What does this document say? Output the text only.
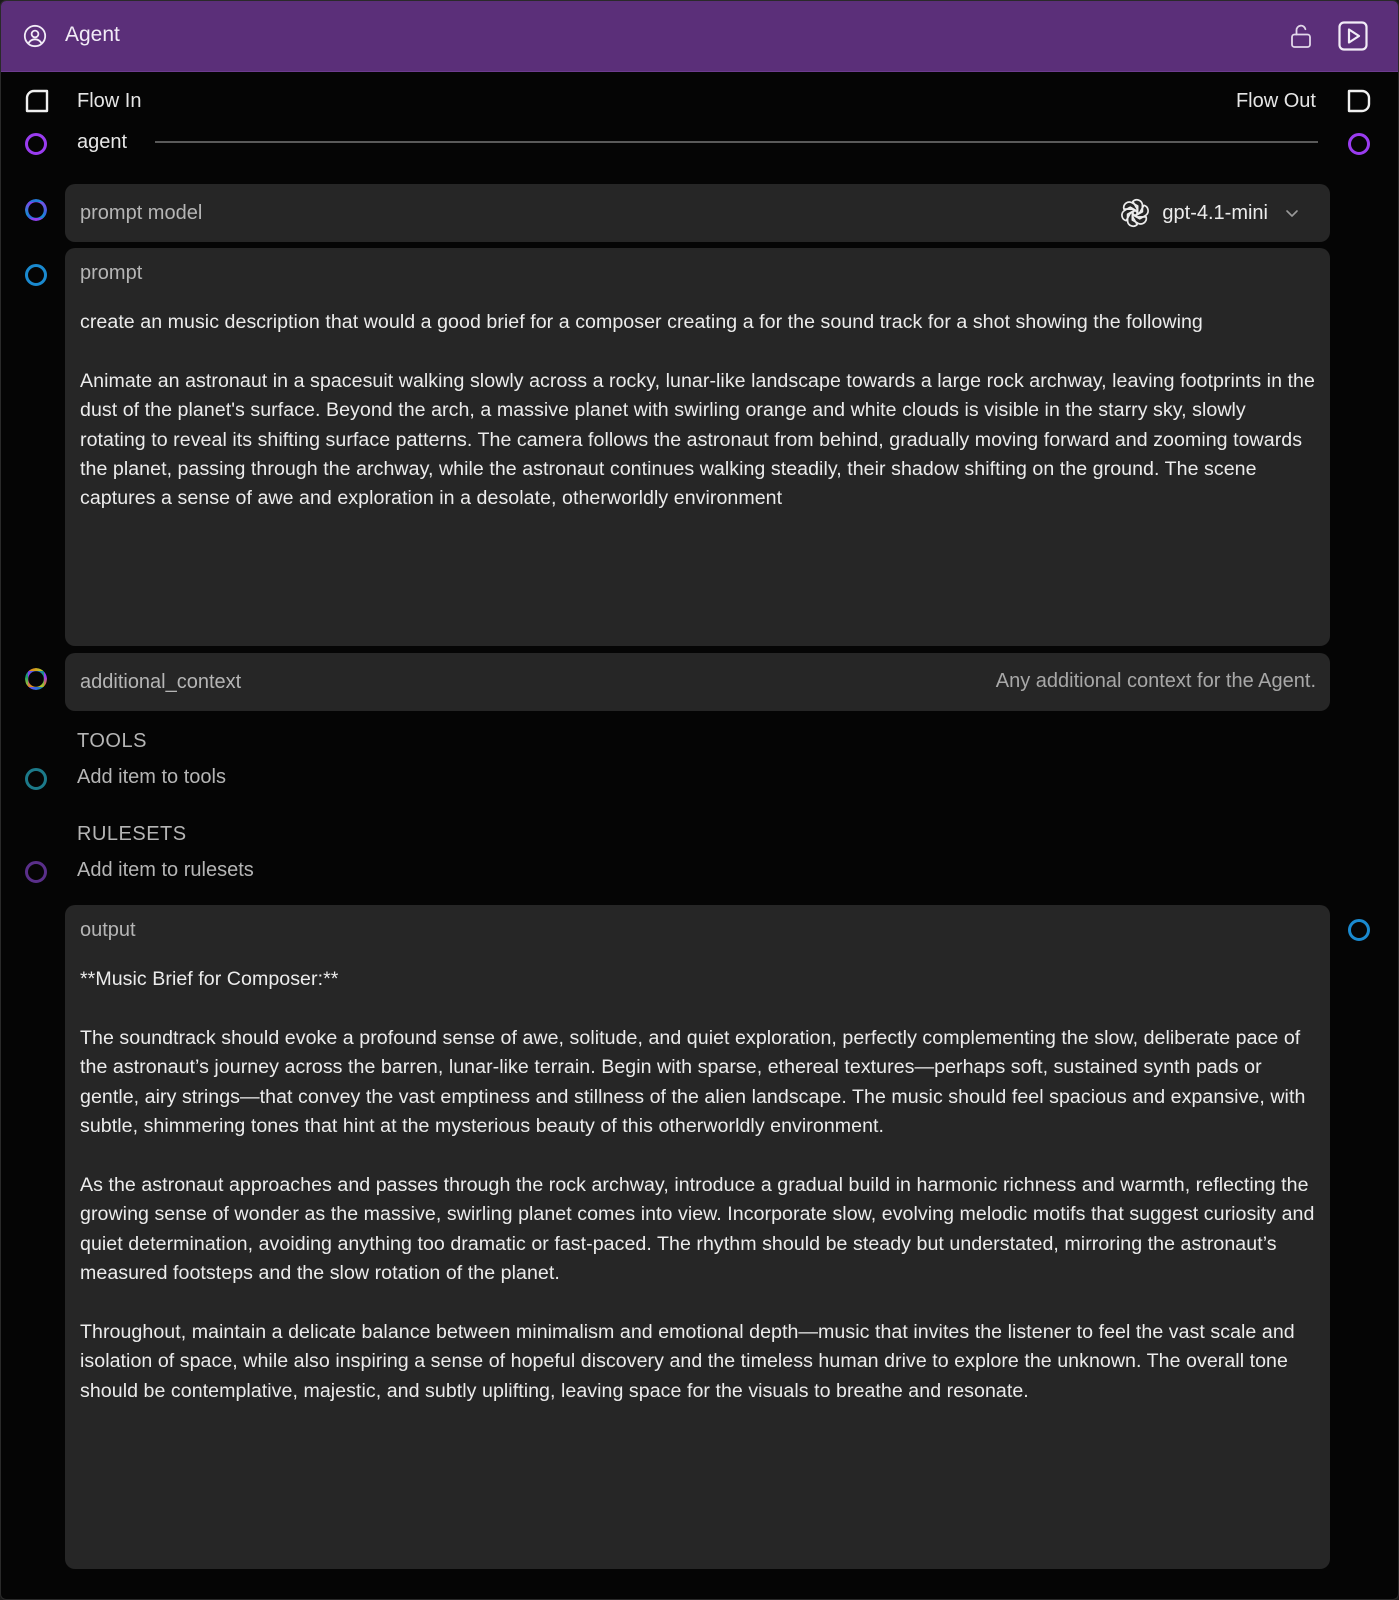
Agent
Flow In	Flow Out
agent
prompt model	gpt-4.1-mini
prompt
create an music description that would a good brief for a composer creating a for the sound track for a shot showing the following

Animate an astronaut in a spacesuit walking slowly across a rocky, lunar-like landscape towards a large rock archway, leaving footprints in the dust of the planet's surface. Beyond the arch, a massive planet with swirling orange and white clouds is visible in the starry sky, slowly rotating to reveal its shifting surface patterns. The camera follows the astronaut from behind, gradually moving forward and zooming towards the planet, passing through the archway, while the astronaut continues walking steadily, their shadow shifting on the ground. The scene captures a sense of awe and exploration in a desolate, otherworldly environment
additional_context	Any additional context for the Agent.
TOOLS
Add item to tools
RULESETS
Add item to rulesets
output
**Music Brief for Composer:**

The soundtrack should evoke a profound sense of awe, solitude, and quiet exploration, perfectly complementing the slow, deliberate pace of the astronaut’s journey across the barren, lunar-like terrain. Begin with sparse, ethereal textures—perhaps soft, sustained synth pads or gentle, airy strings—that convey the vast emptiness and stillness of the alien landscape. The music should feel spacious and expansive, with subtle, shimmering tones that hint at the mysterious beauty of this otherworldly environment.

As the astronaut approaches and passes through the rock archway, introduce a gradual build in harmonic richness and warmth, reflecting the growing sense of wonder as the massive, swirling planet comes into view. Incorporate slow, evolving melodic motifs that suggest curiosity and quiet determination, avoiding anything too dramatic or fast-paced. The rhythm should be steady but understated, mirroring the astronaut’s measured footsteps and the slow rotation of the planet.

Throughout, maintain a delicate balance between minimalism and emotional depth—music that invites the listener to feel the vast scale and isolation of space, while also inspiring a sense of hopeful discovery and the timeless human drive to explore the unknown. The overall tone should be contemplative, majestic, and subtly uplifting, leaving space for the visuals to breathe and resonate.
